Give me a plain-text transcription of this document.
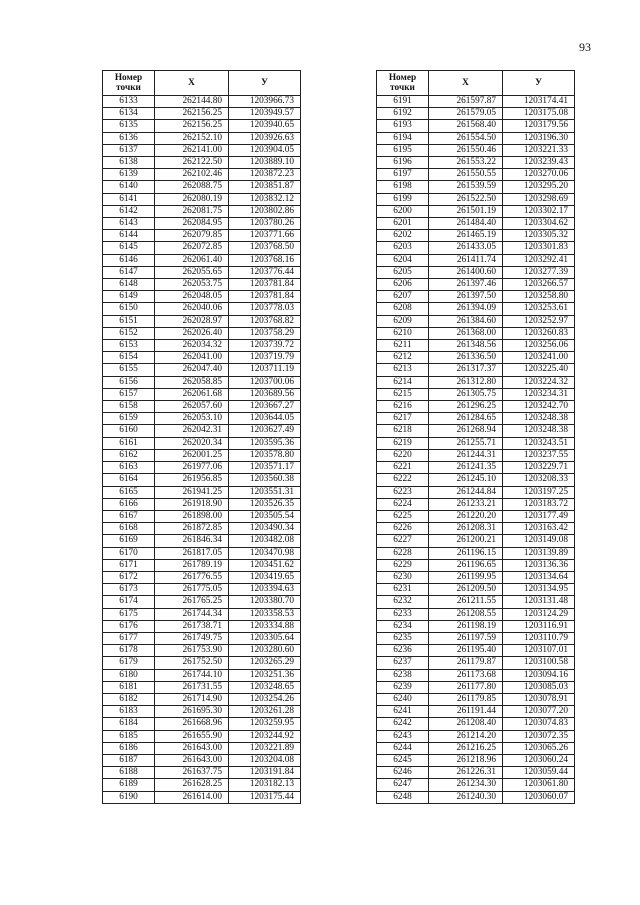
93
Номер
точки	Х	У
6133	262144.80	1203966.73
6134	262156.25	1203949.57
6135	262156.25	1203940.65
6136	262152.10	1203926.63
6137	262141.00	1203904.05
6138	262122.50	1203889.10
6139	262102.46	1203872.23
6140	262088.75	1203851.87
6141	262080.19	1203832.12
6142	262081.75	1203802.86
6143	262084.95	1203780.26
6144	262079.85	1203771.66
6145	262072.85	1203768.50
6146	262061.40	1203768.16
6147	262055.65	1203776.44
6148	262053.75	1203781.84
6149	262048.05	1203781.84
6150	262040.06	1203778.03
6151	262028.97	1203768.82
6152	262026.40	1203758.29
6153	262034.32	1203739.72
6154	262041.00	1203719.79
6155	262047.40	1203711.19
6156	262058.85	1203700.06
6157	262061.68	1203689.56
6158	262057.60	1203667.27
6159	262053.10	1203644.05
6160	262042.31	1203627.49
6161	262020.34	1203595.36
6162	262001.25	1203578.80
6163	261977.06	1203571.17
6164	261956.85	1203560.38
6165	261941.25	1203551.31
6166	261918.90	1203526.35
6167	261898.00	1203505.54
6168	261872.85	1203490.34
6169	261846.34	1203482.08
6170	261817.05	1203470.98
6171	261789.19	1203451.62
6172	261776.55	1203419.65
6173	261775.05	1203394.63
6174	261765.25	1203380.70
6175	261744.34	1203358.53
6176	261738.71	1203334.88
6177	261749.75	1203305.64
6178	261753.90	1203280.60
6179	261752.50	1203265.29
6180	261744.10	1203251.36
6181	261731.55	1203248.65
6182	261714.90	1203254.26
6183	261695.30	1203261.28
6184	261668.96	1203259.95
6185	261655.90	1203244.92
6186	261643.00	1203221.89
6187	261643.00	1203204.08
6188	261637.75	1203191.84
6189	261628.25	1203182.13
6190	261614.00	1203175.44
Номер
точки	Х	У
6191	261597.87	1203174.41
6192	261579.05	1203175.08
6193	261568.40	1203179.56
6194	261554.50	1203196.30
6195	261550.46	1203221.33
6196	261553.22	1203239.43
6197	261550.55	1203270.06
6198	261539.59	1203295.20
6199	261522.50	1203298.69
6200	261501.19	1203302.17
6201	261484.40	1203304.62
6202	261465.19	1203305.32
6203	261433.05	1203301.83
6204	261411.74	1203292.41
6205	261400.60	1203277.39
6206	261397.46	1203266.57
6207	261397.50	1203258.80
6208	261394.09	1203253.61
6209	261384.60	1203252.97
6210	261368.00	1203260.83
6211	261348.56	1203256.06
6212	261336.50	1203241.00
6213	261317.37	1203225.40
6214	261312.80	1203224.32
6215	261305.75	1203234.31
6216	261296.25	1203242.70
6217	261284.65	1203248.38
6218	261268.94	1203248.38
6219	261255.71	1203243.51
6220	261244.31	1203237.55
6221	261241.35	1203229.71
6222	261245.10	1203208.33
6223	261244.84	1203197.25
6224	261233.21	1203183.72
6225	261220.20	1203177.49
6226	261208.31	1203163.42
6227	261200.21	1203149.08
6228	261196.15	1203139.89
6229	261196.65	1203136.36
6230	261199.95	1203134.64
6231	261209.50	1203134.95
6232	261211.55	1203131.48
6233	261208.55	1203124.29
6234	261198.19	1203116.91
6235	261197.59	1203110.79
6236	261195.40	1203107.01
6237	261179.87	1203100.58
6238	261173.68	1203094.16
6239	261177.80	1203085.03
6240	261179.85	1203078.91
6241	261191.44	1203077.20
6242	261208.40	1203074.83
6243	261214.20	1203072.35
6244	261216.25	1203065.26
6245	261218.96	1203060.24
6246	261226.31	1203059.44
6247	261234.30	1203061.80
6248	261240.30	1203060.07
